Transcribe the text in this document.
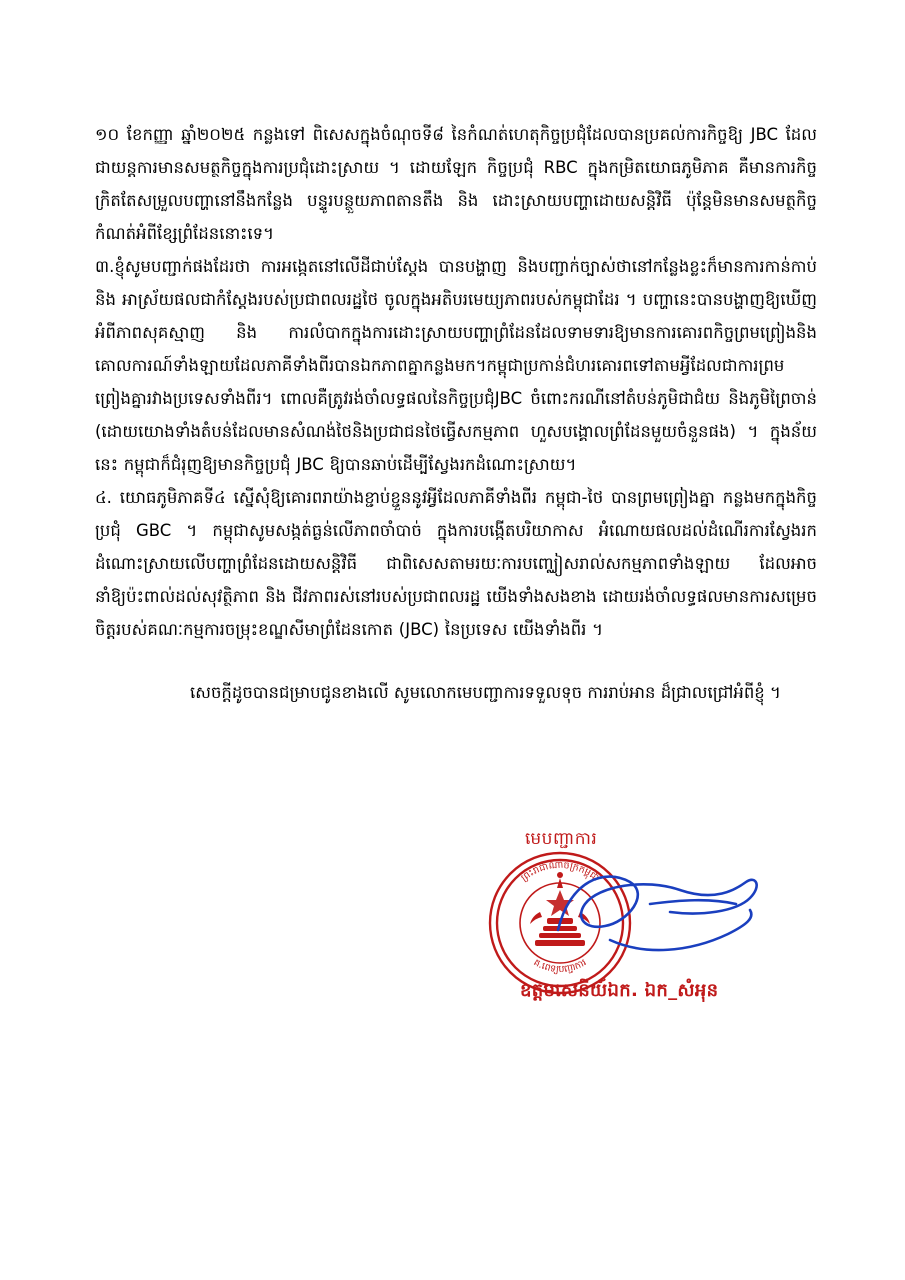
១០ ខែកញ្ញា ឆ្នាំ២០២៥ កន្លងទៅ ពិសេសក្នុងចំណុចទី៨ នៃកំណត់ហេតុកិច្ចប្រជុំដែលបានប្រគល់ការកិច្ចឱ្យ JBC ដែលជាយន្តការមានសមត្ថកិច្ចក្នុងការប្រជុំដោះស្រាយ ។ ដោយឡែក កិច្ចប្រជុំ RBC ក្នុងកម្រិតយោធភូមិភាគ គឺមានការកិច្ចក្រិតតែសម្រួលបញ្ហានៅនឹងកន្លែង បន្ទូរបន្ថួយភាពតានតឹង និង ដោះស្រាយបញ្ហាដោយសន្តិវិធី ប៉ុន្តែមិនមានសមត្ថកិច្ចកំណត់អំពីខ្សែព្រំដែននោះទេ។

៣.ខ្ញុំសូមបញ្ជាក់ផងដែរថា ការអង្កេតនៅលើដីជាប់ស្តែង បានបង្ហាញ និងបញ្ជាក់ច្បាស់ថានៅកន្លែងខ្លះក៏មានការកាន់កាប់ និង អាស្រ័យផលជាកំស្តែងរបស់ប្រជាពលរដ្ឋថៃ ចូលក្នុងអតិបរមេយ្យភាពរបស់កម្ពុជាដែរ ។ បញ្ហានេះបានបង្ហាញឱ្យឃើញអំពីភាពសុគស្មាញ និង ការលំបាកក្នុងការដោះស្រាយបញ្ហាព្រំដែនដែលទាមទារឱ្យមានការគោរពកិច្ចព្រមព្រៀងនិងគោលការណ៍ទាំងឡាយដែលភាគីទាំងពីរបានឯកភាពគ្នាកន្លងមក។កម្ពុជាប្រកាន់ជំហរគោរពទៅតាមអ្វីដែលជាការព្រមព្រៀងគ្នារវាងប្រទេសទាំងពីរ។ ពោលគឺត្រូវរង់ចាំលទ្ធផលនៃកិច្ចប្រជុំJBC ចំពោះករណីនៅតំបន់ភូមិជាជំយ និងភូមិព្រៃចាន់ (ដោយយោងទាំងតំបន់ដែលមានសំណង់ថៃនិងប្រជាជនថៃធ្វើសកម្មភាព ហួសបង្គោលព្រំដែនមួយចំនួនផង) ។ ក្នុងន័យនេះ កម្ពុជាក៏ជំរុញឱ្យមានកិច្ចប្រជុំ JBC ឱ្យបានឆាប់ដើម្បីស្វែងរកដំណោះស្រាយ។

៤. យោធភូមិភាគទី៤ ស្នើសុំឱ្យគោរពរាយ៉ាងខ្ជាប់ខ្ជួននូវអ្វីដែលភាគីទាំងពីរ កម្ពុជា-ថៃ បានព្រមព្រៀងគ្នា កន្លងមកក្នុងកិច្ចប្រជុំ GBC ។ កម្ពុជាសូមសង្កត់ធ្ងន់លើភាពចាំបាច់ ក្នុងការបង្កើតបរិយាកាស អំណោយផលដល់ដំណើរការស្វែងរកដំណោះស្រាយលើបញ្ហាព្រំដែនដោយសន្តិវិធី ជាពិសេសតាមរយៈការបញ្ឈៀសរាល់សកម្មភាពទាំងឡាយ ដែលអាចនាំឱ្យប៉ះពាល់ដល់សុវត្ថិភាព និង ជីវភាពរស់នៅរបស់ប្រជាពលរដ្ឋ យើងទាំងសងខាង ដោយរង់ចាំលទ្ធផលមានការសម្រេចចិត្តរបស់គណៈកម្មការចម្រុះខណ្ឌសីមាព្រំដែនកោត (JBC) នៃប្រទេស យើងទាំងពីរ ។

សេចក្ដីដូចបានជម្រាបជូនខាងលើ សូមលោកមេបញ្ជាការទទួលទុច ការរាប់អាន ដ៏ជ្រាលជ្រៅអំពីខ្ញុំ ។

មេបញ្ជាការ
ព្រះរាជាណាចក្រកម្ពុជា
គ.ពេទ្យបញ្ជាការ
ឧត្តមសេនីយ៍ឯក. ឯក_សំអុន
